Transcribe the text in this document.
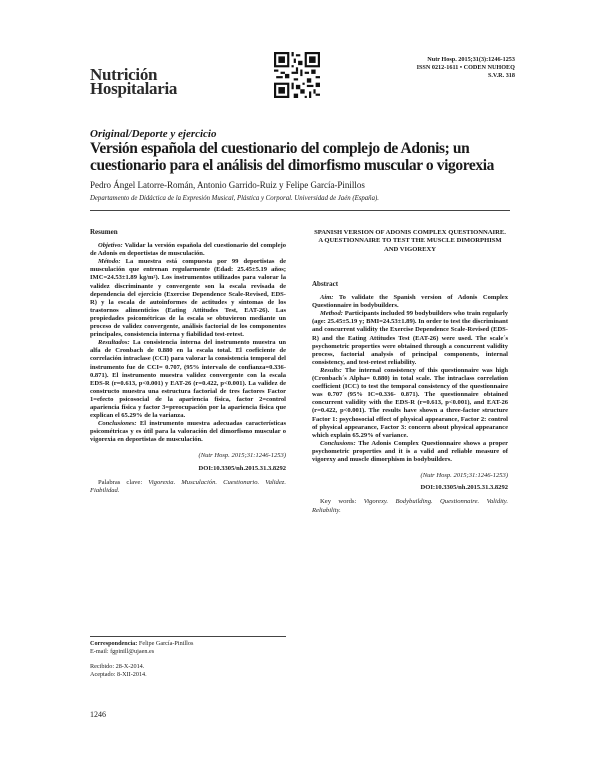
Nutrición
Hospitalaria
Nutr Hosp. 2015;31(3):1246-1253
ISSN 0212-1611 • CODEN NUHOEQ
S.V.R. 318
Original/Deporte y ejercicio
Versión española del cuestionario del complejo de Adonis; un cuestionario para el análisis del dimorfismo muscular o vigorexia
Pedro Ángel Latorre-Román, Antonio Garrido-Ruiz y Felipe García-Pinillos
Departamento de Didáctica de la Expresión Musical, Plástica y Corporal. Universidad de Jaén (España).
Resumen

Objetivo: Validar la versión española del cuestionario del complejo de Adonis en deportistas de musculación.

Método: La muestra está compuesta por 99 deportistas de musculación que entrenan regularmente (Edad: 25.45±5.19 años; IMC=24.53±1.89 kg/m²). Los instrumentos utilizados para valorar la validez discriminante y convergente son la escala revisada de dependencia del ejercicio (Exercise Dependence Scale-Revised, EDS-R) y la escala de autoinformes de actitudes y síntomas de los trastornos alimenticios (Eating Attitudes Test, EAT-26). Las propiedades psicométricas de la escala se obtuvieron mediante un proceso de validez convergente, análisis factorial de los componentes principales, consistencia interna y fiabilidad test-retest.

Resultados: La consistencia interna del instrumento muestra un alfa de Cronbach de 0.880 en la escala total. El coeficiente de correlación intraclase (CCI) para valorar la consistencia temporal del instrumento fue de CCI= 0.707, (95% intervalo de confianza=0.336-0.871). El instrumento muestra validez convergente con la escala EDS-R (r=0.613, p<0.001) y EAT-26 (r=0.422, p<0.001). La validez de constructo muestra una estructura factorial de tres factores Factor 1=efecto psicosocial de la apariencia física, factor 2=control apariencia física y factor 3=preocupación por la apariencia física que explican el 65.29% de la varianza.

Conclusiones: El instrumento muestra adecuadas características psicométricas y es útil para la valoración del dimorfismo muscular o vigorexia en deportistas de musculación.

(Nutr Hosp. 2015;31:1246-1253)
DOI:10.3305/nh.2015.31.3.8292

Palabras clave: Vigorexia. Musculación. Cuestionario. Validez. Fiabilidad.

SPANISH VERSION OF ADONIS COMPLEX QUESTIONNAIRE. A QUESTIONNAIRE TO TEST THE MUSCLE DIMORPHISM AND VIGOREXY
Abstract

Aim: To validate the Spanish version of Adonis Complex Questionnaire in bodybuilders.

Method: Participants included 99 bodybuilders who train regularly (age: 25.45±5.19 y; BMI=24.53±1.89). In order to test the discriminant and concurrent validity the Exercise Dependence Scale-Revised (EDS-R) and the Eating Attitudes Test (EAT-26) were used. The scale´s psychometric properties were obtained through a concurrent validity process, factorial analysis of principal components, internal consistency, and test-retest reliability.

Results: The internal consistency of this questionnaire was high (Cronbach´s Alpha= 0.880) in total scale. The intraclass correlation coefficient (ICC) to test the temporal consistency of the questionnaire was 0.707 (95% IC=0.336- 0.871). The questionnaire obtained concurrent validity with the EDS-R (r=0.613, p<0.001), and EAT-26 (r=0.422, p<0.001). The results have shown a three-factor structure Factor 1: psychosocial effect of physical appearance, Factor 2: control of physical appearance, Factor 3: concern about physical appearance which explain 65.29% of variance.

Conclusions: The Adonis Complex Questionnaire shows a proper psychometric properties and it is a valid and reliable measure of vigorexy and muscle dimorphism in bodybuilders.

(Nutr Hosp. 2015;31:1246-1253)
DOI:10.3305/nh.2015.31.3.8292

Key words: Vigorexy. Bodybuilding. Questionnaire. Validity. Reliability.

Correspondencia: Felipe García-Pinillos
E-mail: fgpinill@ujaen.es
Recibido: 28-X-2014.
Aceptado: 8-XII-2014.
1246
